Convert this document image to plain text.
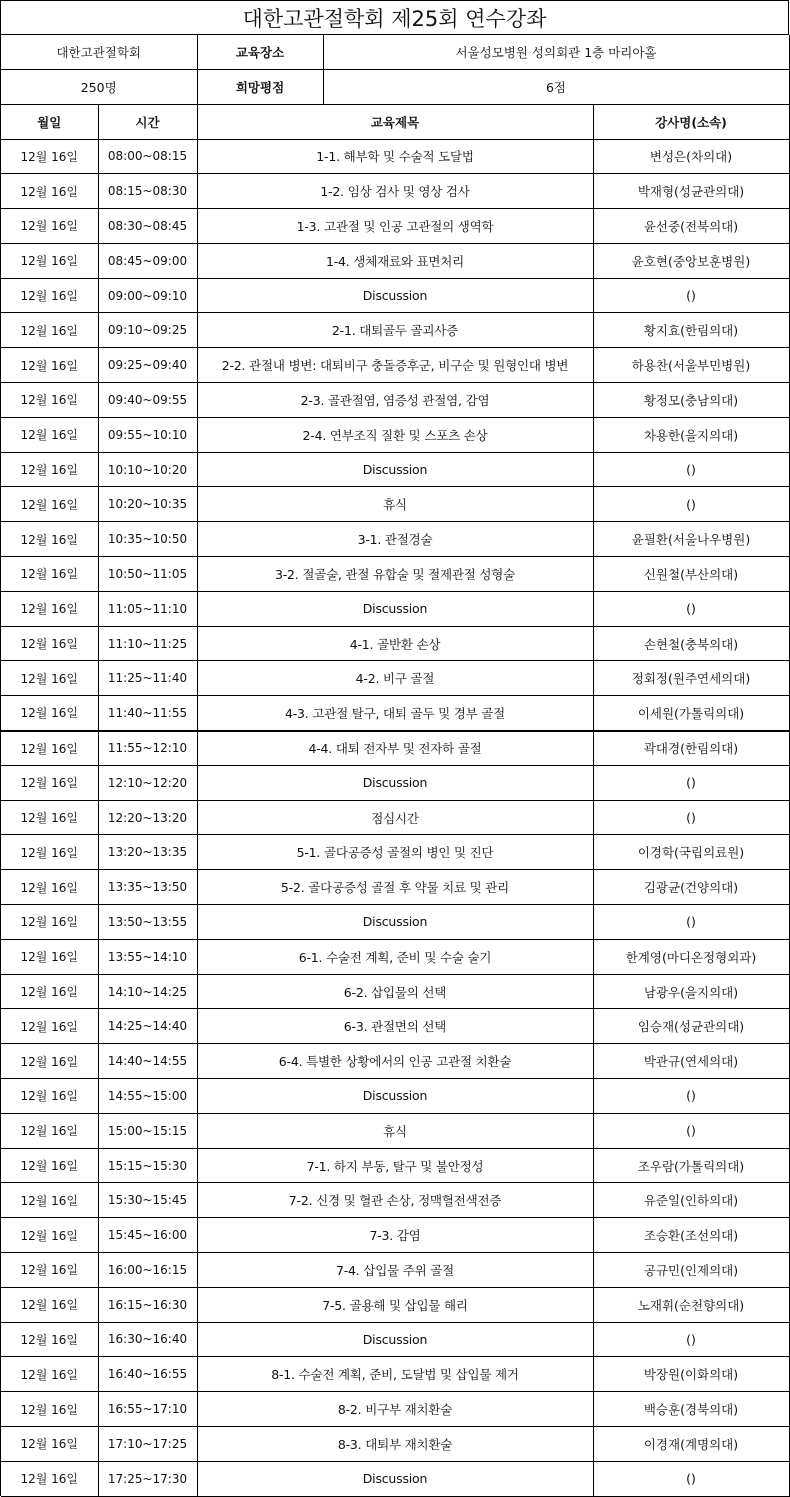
대한고관절학회 제25회 연수강좌
대한고관절학회	교육장소	서울성모병원 성의회관 1층 마리아홀
250명	희망평점	6점
월일	시간	교육제목	강사명(소속)
12월 16일	08:00~08:15	1-1. 해부학 및 수술적 도달법	변성은(차의대)
12월 16일	08:15~08:30	1-2. 임상 검사 및 영상 검사	박재형(성균관의대)
12월 16일	08:30~08:45	1-3. 고관절 및 인공 고관절의 생역학	윤선중(전북의대)
12월 16일	08:45~09:00	1-4. 생체재료와 표면처리	윤호현(중앙보훈병원)
12월 16일	09:00~09:10	Discussion	()
12월 16일	09:10~09:25	2-1. 대퇴골두 골괴사증	황지효(한림의대)
12월 16일	09:25~09:40	2-2. 관절내 병변: 대퇴비구 충돌증후군, 비구순 및 원형인대 병변	하용찬(서울부민병원)
12월 16일	09:40~09:55	2-3. 골관절염, 염증성 관절염, 감염	황정모(충남의대)
12월 16일	09:55~10:10	2-4. 연부조직 질환 및 스포츠 손상	차용한(을지의대)
12월 16일	10:10~10:20	Discussion	()
12월 16일	10:20~10:35	휴식	()
12월 16일	10:35~10:50	3-1. 관절경술	윤필환(서울나우병원)
12월 16일	10:50~11:05	3-2. 절골술, 관절 유합술 및 절제관절 성형술	신원철(부산의대)
12월 16일	11:05~11:10	Discussion	()
12월 16일	11:10~11:25	4-1. 골반환 손상	손현철(충북의대)
12월 16일	11:25~11:40	4-2. 비구 골절	정회정(원주연세의대)
12월 16일	11:40~11:55	4-3. 고관절 탈구, 대퇴 골두 및 경부 골절	이세원(가톨릭의대)
12월 16일	11:55~12:10	4-4. 대퇴 전자부 및 전자하 골절	곽대경(한림의대)
12월 16일	12:10~12:20	Discussion	()
12월 16일	12:20~13:20	점심시간	()
12월 16일	13:20~13:35	5-1. 골다공증성 골절의 병인 및 진단	이경학(국립의료원)
12월 16일	13:35~13:50	5-2. 골다공증성 골절 후 약물 치료 및 관리	김광균(건양의대)
12월 16일	13:50~13:55	Discussion	()
12월 16일	13:55~14:10	6-1. 수술전 계획, 준비 및 수술 술기	한계영(마디온정형외과)
12월 16일	14:10~14:25	6-2. 삽입물의 선택	남광우(을지의대)
12월 16일	14:25~14:40	6-3. 관절면의 선택	임승재(성균관의대)
12월 16일	14:40~14:55	6-4. 특별한 상황에서의 인공 고관절 치환술	박관규(연세의대)
12월 16일	14:55~15:00	Discussion	()
12월 16일	15:00~15:15	휴식	()
12월 16일	15:15~15:30	7-1. 하지 부동, 탈구 및 불안정성	조우람(가톨릭의대)
12월 16일	15:30~15:45	7-2. 신경 및 혈관 손상, 정맥혈전색전증	유준일(인하의대)
12월 16일	15:45~16:00	7-3. 감염	조승환(조선의대)
12월 16일	16:00~16:15	7-4. 삽입물 주위 골절	공규민(인제의대)
12월 16일	16:15~16:30	7-5. 골용해 및 삽입물 해리	노재휘(순천향의대)
12월 16일	16:30~16:40	Discussion	()
12월 16일	16:40~16:55	8-1. 수술전 계획, 준비, 도달법 및 삽입물 제거	박장원(이화의대)
12월 16일	16:55~17:10	8-2. 비구부 재치환술	백승훈(경북의대)
12월 16일	17:10~17:25	8-3. 대퇴부 재치환술	이경재(계명의대)
12월 16일	17:25~17:30	Discussion	()
